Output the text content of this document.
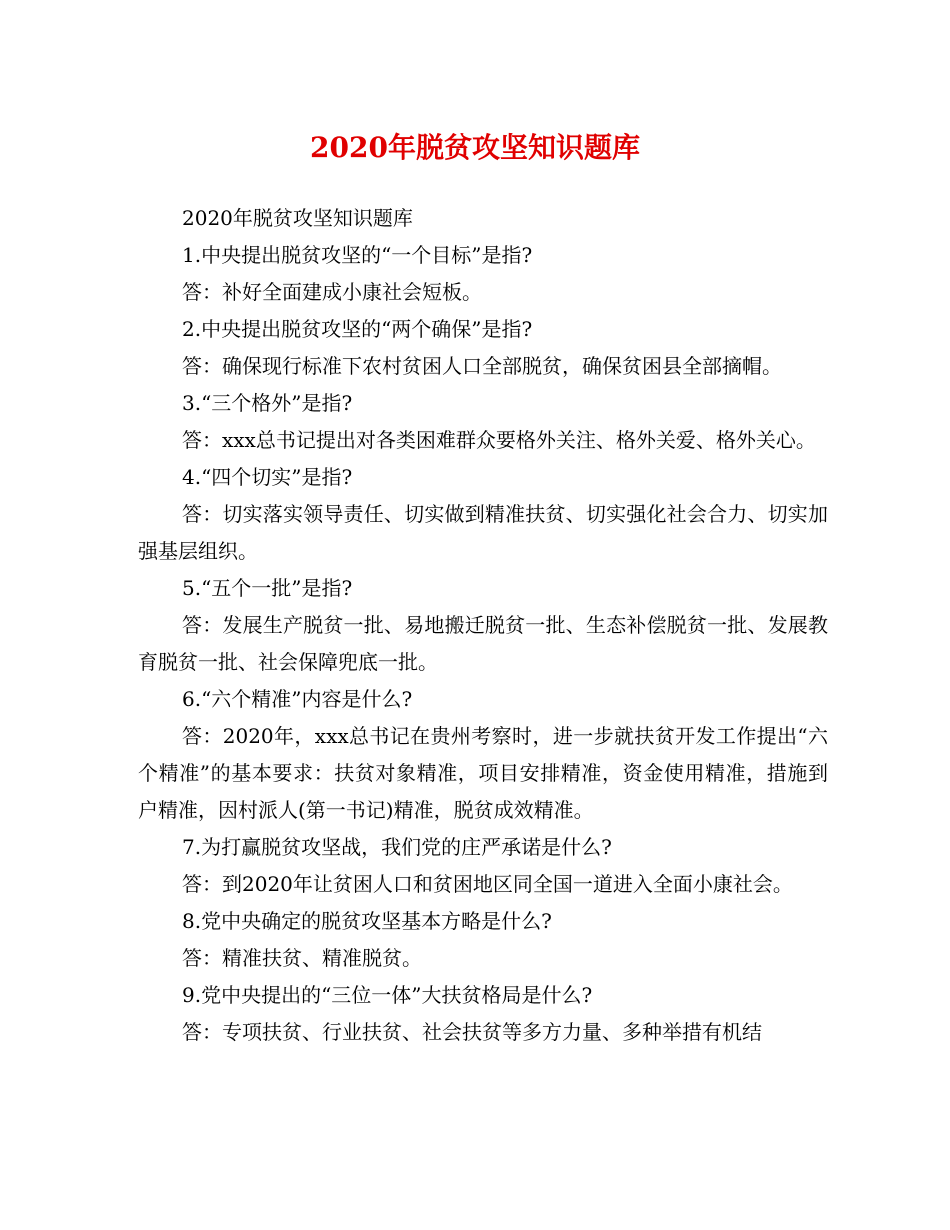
2020年脱贫攻坚知识题库

2020年脱贫攻坚知识题库

1.中央提出脱贫攻坚的“一个目标”是指?

答：补好全面建成小康社会短板。

2.中央提出脱贫攻坚的“两个确保”是指?

答：确保现行标准下农村贫困人口全部脱贫，确保贫困县全部摘帽。

3.“三个格外”是指?

答：xxx总书记提出对各类困难群众要格外关注、格外关爱、格外关心。

4.“四个切实”是指?

答：切实落实领导责任、切实做到精准扶贫、切实强化社会合力、切实加强基层组织。

5.“五个一批”是指?

答：发展生产脱贫一批、易地搬迁脱贫一批、生态补偿脱贫一批、发展教育脱贫一批、社会保障兜底一批。

6.“六个精准”内容是什么?

答：2020年，xxx总书记在贵州考察时，进一步就扶贫开发工作提出“六个精准”的基本要求：扶贫对象精准，项目安排精准，资金使用精准，措施到户精准，因村派人(第一书记)精准，脱贫成效精准。

7.为打赢脱贫攻坚战，我们党的庄严承诺是什么?

答：到2020年让贫困人口和贫困地区同全国一道进入全面小康社会。

8.党中央确定的脱贫攻坚基本方略是什么?

答：精准扶贫、精准脱贫。

9.党中央提出的“三位一体”大扶贫格局是什么?

答：专项扶贫、行业扶贫、社会扶贫等多方力量、多种举措有机结
